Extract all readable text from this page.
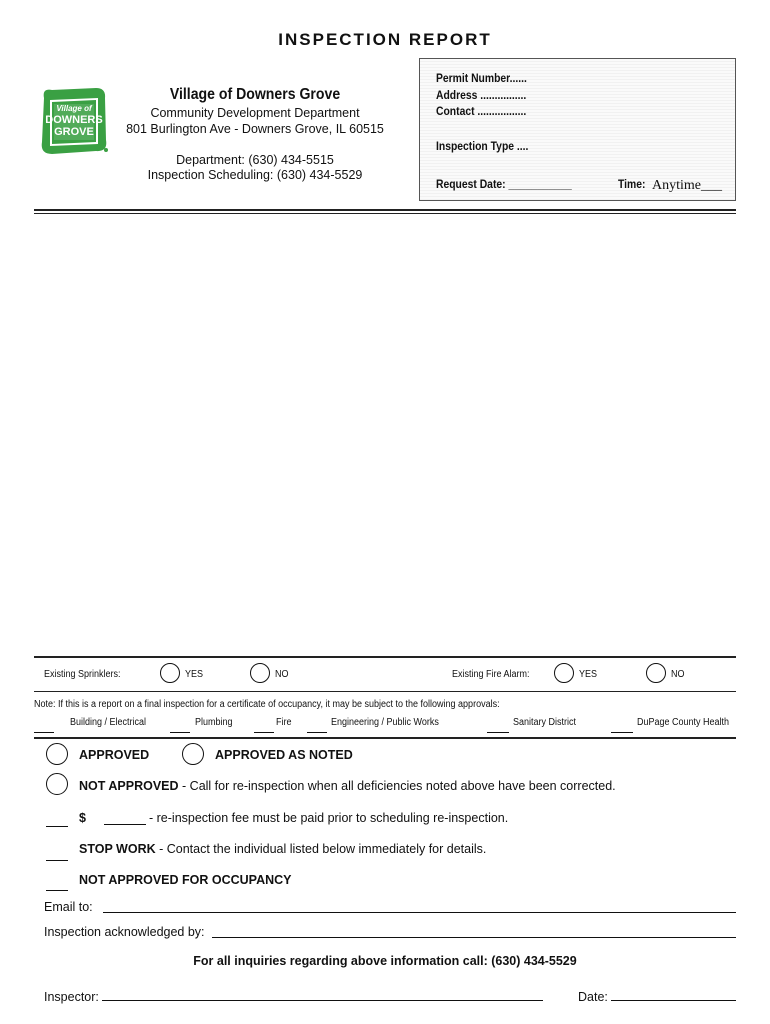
INSPECTION REPORT
Village of
DOWNERS
GROVE
Village of Downers Grove
Community Development Department
801 Burlington Ave - Downers Grove, IL 60515
Department: (630) 434-5515
Inspection Scheduling: (630) 434-5529
Permit Number......
Address ................
Contact .................
Inspection Type ....
Request Date: ___________	Time: Anytime___
Existing Sprinklers:	YES	NO	Existing Fire Alarm:	YES	NO
Note: If this is a report on a final inspection for a certificate of occupancy, it may be subject to the following approvals:
Building / Electrical	Plumbing	Fire	Engineering / Public Works	Sanitary District	DuPage County Health
APPROVED	APPROVED AS NOTED
NOT APPROVED - Call for re-inspection when all deficiencies noted above have been corrected.
$	- re-inspection fee must be paid prior to scheduling re-inspection.
STOP WORK - Contact the individual listed below immediately for details.
NOT APPROVED FOR OCCUPANCY
Email to:
Inspection acknowledged by:
For all inquiries regarding above information call: (630) 434-5529
Inspector:	Date:
